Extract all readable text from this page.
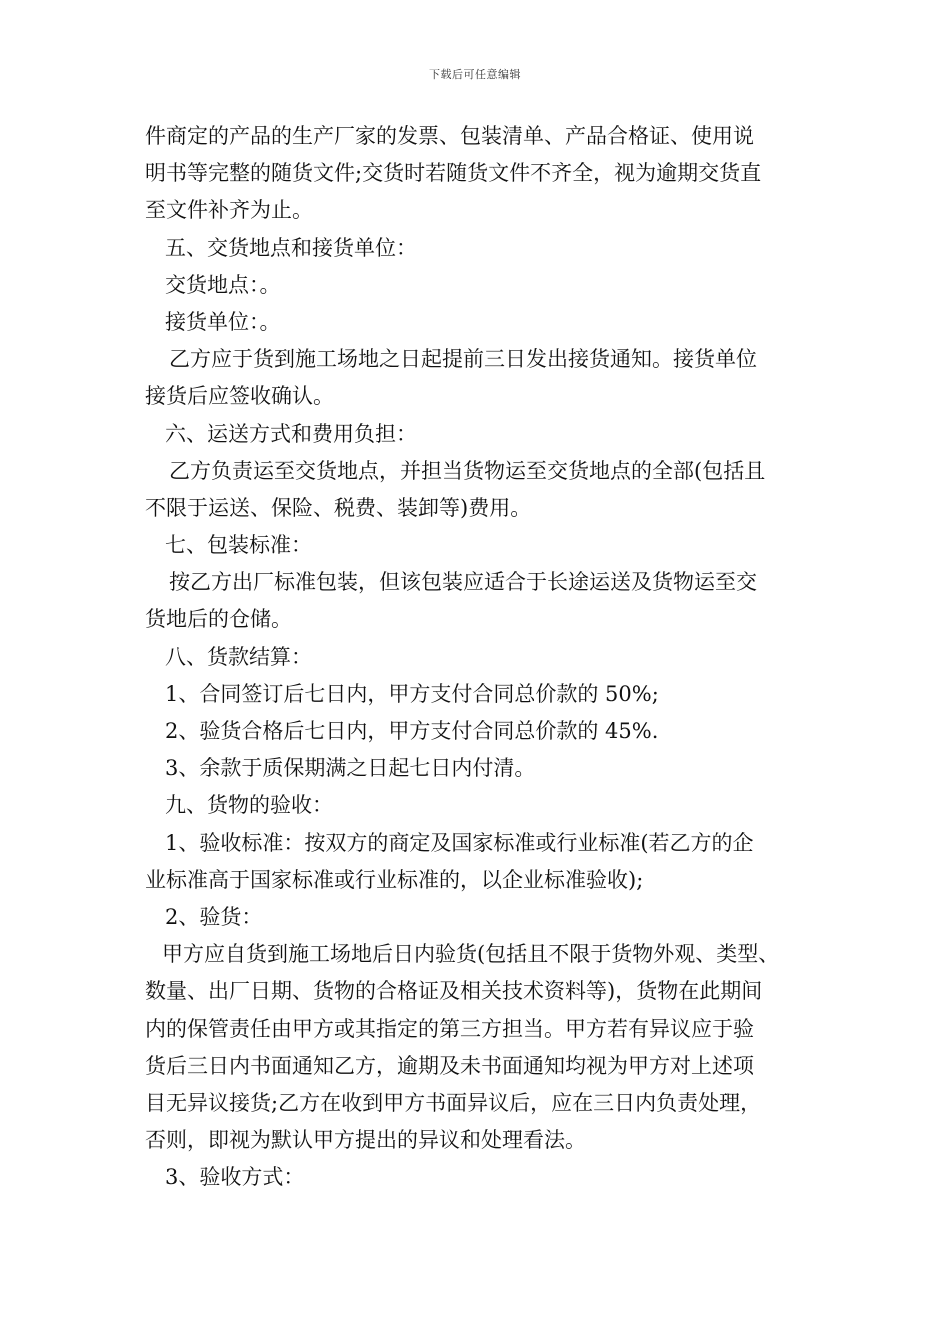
下载后可任意编辑
件商定的产品的生产厂家的发票、包装清单、产品合格证、使用说
明书等完整的随货文件;交货时若随货文件不齐全，视为逾期交货直
至文件补齐为止。
五、交货地点和接货单位：
交货地点：。
接货单位：。
乙方应于货到施工场地之日起提前三日发出接货通知。接货单位
接货后应签收确认。
六、运送方式和费用负担：
乙方负责运至交货地点，并担当货物运至交货地点的全部(包括且
不限于运送、保险、税费、装卸等)费用。
七、包装标准：
按乙方出厂标准包装，但该包装应适合于长途运送及货物运至交
货地后的仓储。
八、货款结算：
1、合同签订后七日内，甲方支付合同总价款的 50%;
2、验货合格后七日内，甲方支付合同总价款的 45%.
3、余款于质保期满之日起七日内付清。
九、货物的验收：
1、验收标准：按双方的商定及国家标准或行业标准(若乙方的企
业标准高于国家标准或行业标准的，以企业标准验收);
2、验货：
甲方应自货到施工场地后日内验货(包括且不限于货物外观、类型、
数量、出厂日期、货物的合格证及相关技术资料等)，货物在此期间
内的保管责任由甲方或其指定的第三方担当。甲方若有异议应于验
货后三日内书面通知乙方，逾期及未书面通知均视为甲方对上述项
目无异议接货;乙方在收到甲方书面异议后，应在三日内负责处理，
否则，即视为默认甲方提出的异议和处理看法。
3、验收方式：
